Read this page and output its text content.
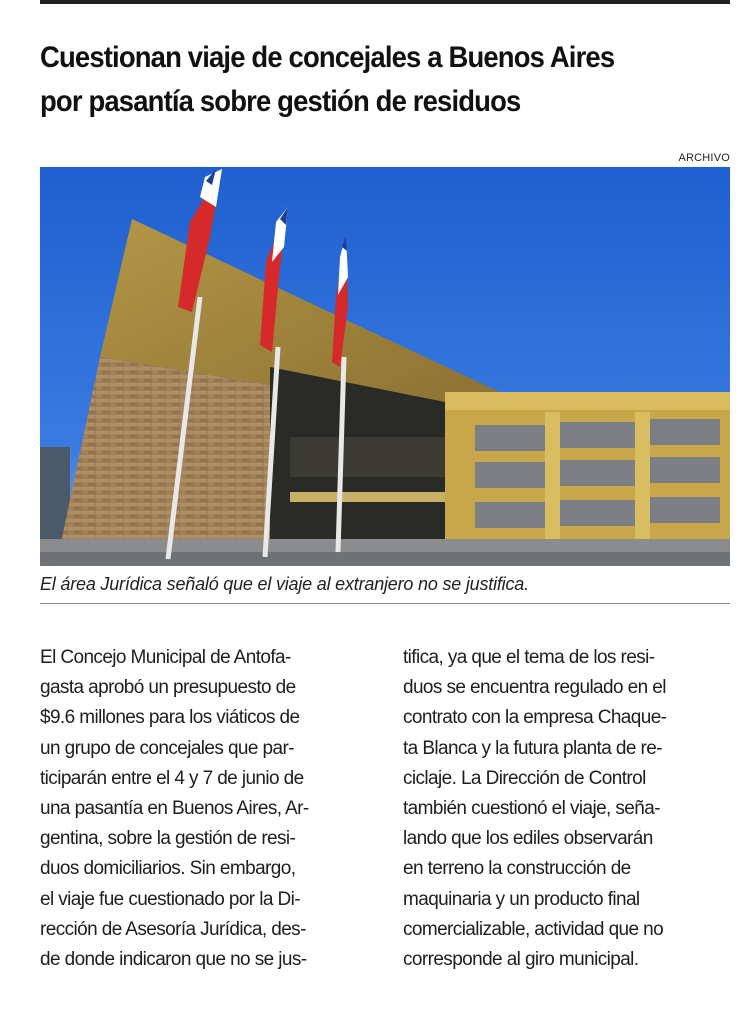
Cuestionan viaje de concejales a Buenos Aires
por pasantía sobre gestión de residuos
ARCHIVO
El área Jurídica señaló que el viaje al extranjero no se justifica.
El Concejo Municipal de Antofa-
gasta aprobó un presupuesto de
$9.6 millones para los viáticos de
un grupo de concejales que par-
ticiparán entre el 4 y 7 de junio de
una pasantía en Buenos Aires, Ar-
gentina, sobre la gestión de resi-
duos domiciliarios. Sin embargo,
el viaje fue cuestionado por la Di-
rección de Asesoría Jurídica, des-
de donde indicaron que no se jus-
tifica, ya que el tema de los resi-
duos se encuentra regulado en el
contrato con la empresa Chaque-
ta Blanca y la futura planta de re-
ciclaje. La Dirección de Control
también cuestionó el viaje, seña-
lando que los ediles observarán
en terreno la construcción de
maquinaria y un producto final
comercializable, actividad que no
corresponde al giro municipal.
